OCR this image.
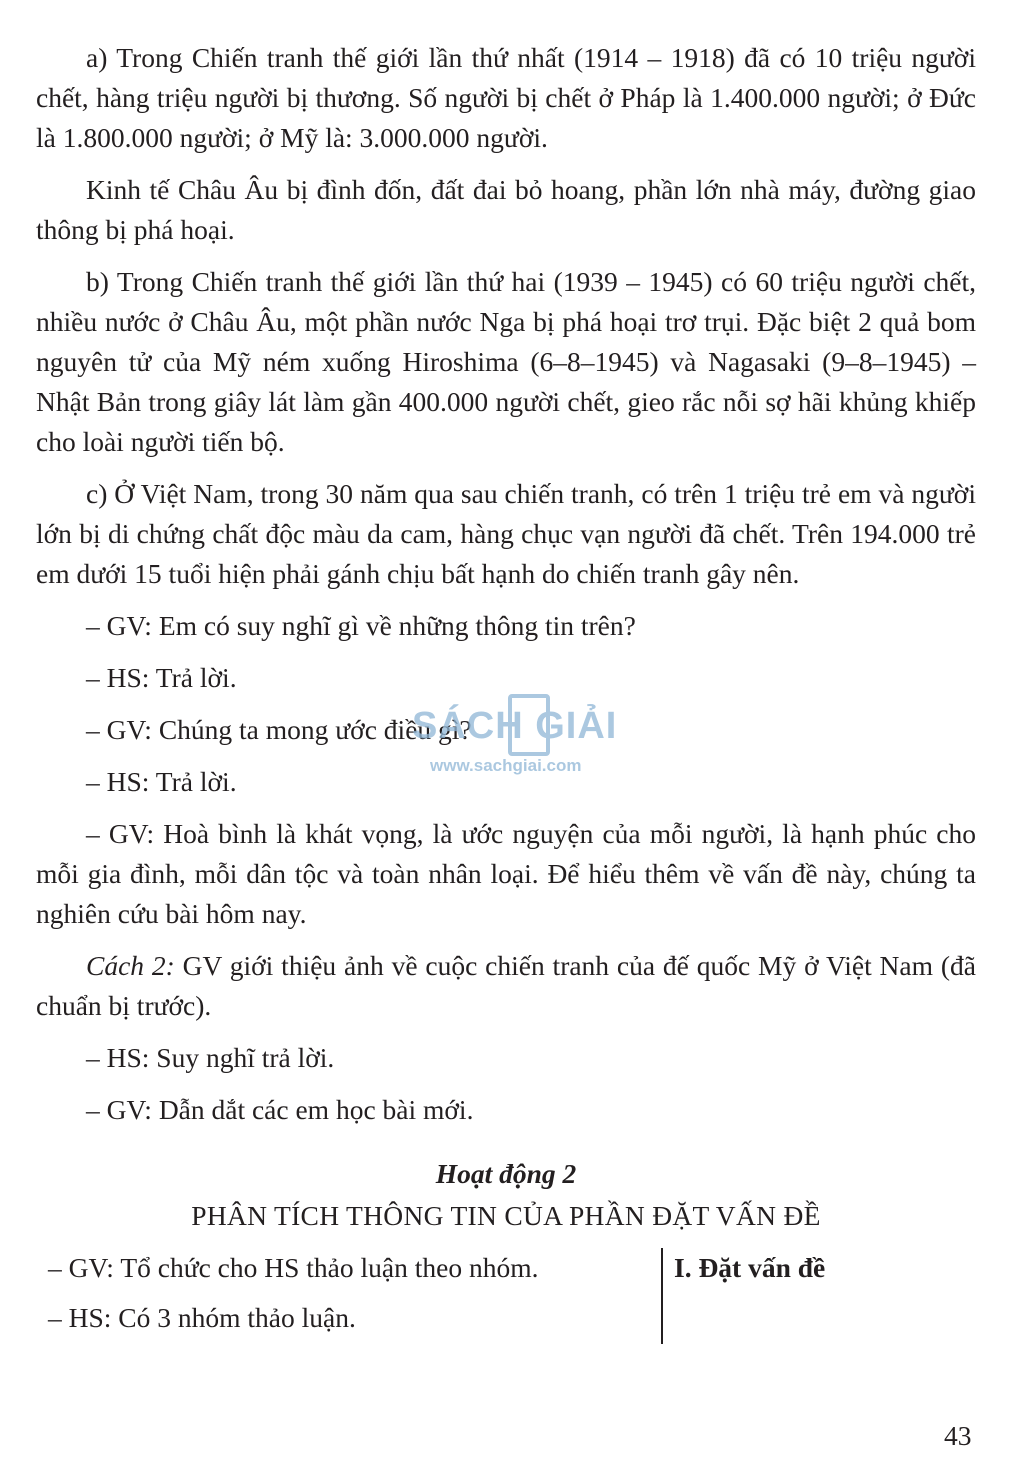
a) Trong Chiến tranh thế giới lần thứ nhất (1914 – 1918) đã có 10 triệu người chết, hàng triệu người bị thương. Số người bị chết ở Pháp là 1.400.000 người; ở Đức là 1.800.000 người; ở Mỹ là: 3.000.000 người.

Kinh tế Châu Âu bị đình đốn, đất đai bỏ hoang, phần lớn nhà máy, đường giao thông bị phá hoại.

b) Trong Chiến tranh thế giới lần thứ hai (1939 – 1945) có 60 triệu người chết, nhiều nước ở Châu Âu, một phần nước Nga bị phá hoại trơ trụi. Đặc biệt 2 quả bom nguyên tử của Mỹ ném xuống Hiroshima (6–8–1945) và Nagasaki (9–8–1945) – Nhật Bản trong giây lát làm gần 400.000 người chết, gieo rắc nỗi sợ hãi khủng khiếp cho loài người tiến bộ.

c) Ở Việt Nam, trong 30 năm qua sau chiến tranh, có trên 1 triệu trẻ em và người lớn bị di chứng chất độc màu da cam, hàng chục vạn người đã chết. Trên 194.000 trẻ em dưới 15 tuổi hiện phải gánh chịu bất hạnh do chiến tranh gây nên.

– GV: Em có suy nghĩ gì về những thông tin trên?

– HS: Trả lời.

– GV: Chúng ta mong ước điều gì?

– HS: Trả lời.

– GV: Hoà bình là khát vọng, là ước nguyện của mỗi người, là hạnh phúc cho mỗi gia đình, mỗi dân tộc và toàn nhân loại. Để hiểu thêm về vấn đề này, chúng ta nghiên cứu bài hôm nay.

Cách 2: GV giới thiệu ảnh về cuộc chiến tranh của đế quốc Mỹ ở Việt Nam (đã chuẩn bị trước).

– HS: Suy nghĩ trả lời.

– GV: Dẫn dắt các em học bài mới.

Hoạt động 2
PHÂN TÍCH THÔNG TIN CỦA PHẦN ĐẶT VẤN ĐỀ

– GV: Tổ chức cho HS thảo luận theo nhóm.

– HS: Có 3 nhóm thảo luận.

I. Đặt vấn đề
SÁCH GIẢI
www.sachgiai.com
43
